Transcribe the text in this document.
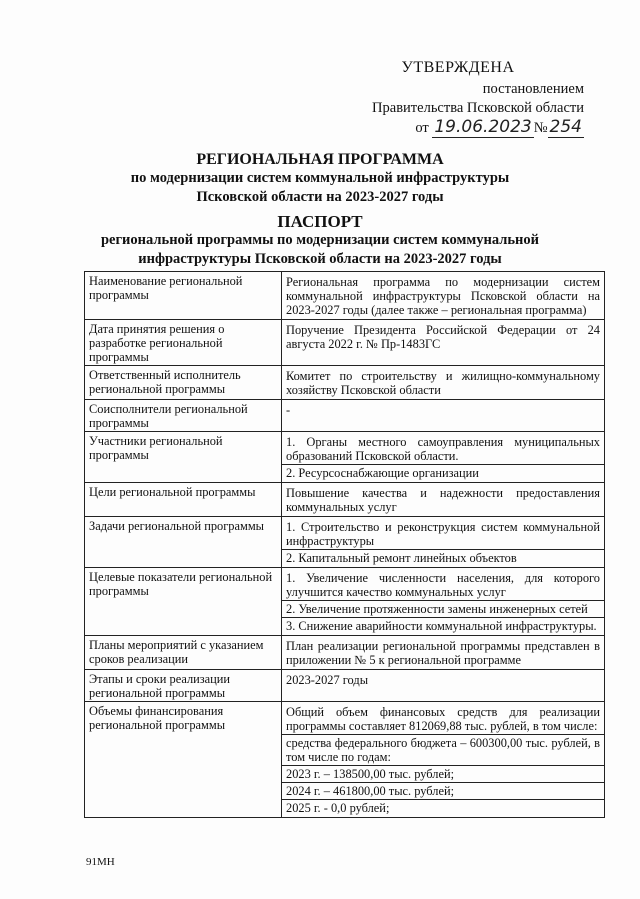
УТВЕРЖДЕНА
постановлением
Правительства Псковской области
от 19.06.2023 № 254
РЕГИОНАЛЬНАЯ ПРОГРАММА
по модернизации систем коммунальной инфраструктуры
Псковской области на 2023-2027 годы
ПАСПОРТ
региональной программы по модернизации систем коммунальной
инфраструктуры Псковской области на 2023-2027 годы
Наименование региональной программы	Региональная программа по модернизации систем коммунальной инфраструктуры Псковской области на 2023-2027 годы (далее также – региональная программа)

Дата принятия решения о разработке региональной программы	Поручение Президента Российской Федерации от 24 августа 2022 г. № Пр-1483ГС

Ответственный исполнитель региональной программы	Комитет по строительству и жилищно-коммунальному хозяйству Псковской области

Соисполнители региональной программы	-

Участники региональной программы	1. Органы местного самоуправления муниципальных образований Псковской области.
2. Ресурсоснабжающие организации

Цели региональной программы	Повышение качества и надежности предоставления коммунальных услуг

Задачи региональной программы	1. Строительство и реконструкция систем коммунальной инфраструктуры
2. Капитальный ремонт линейных объектов

Целевые показатели региональной программы	1. Увеличение численности населения, для которого улучшится качество коммунальных услуг
2. Увеличение протяженности замены инженерных сетей
3. Снижение аварийности коммунальной инфраструктуры.

Планы мероприятий с указанием сроков реализации	План реализации региональной программы представлен в приложении № 5 к региональной программе

Этапы и сроки реализации региональной программы	2023-2027 годы

Объемы финансирования региональной программы	Общий объем финансовых средств для реализации программы составляет 812069,88 тыс. рублей, в том числе:
средства федерального бюджета – 600300,00 тыс. рублей, в том числе по годам:
2023 г. – 138500,00 тыс. рублей;
2024 г. – 461800,00 тыс. рублей;
2025 г. - 0,0 рублей;
91МН
